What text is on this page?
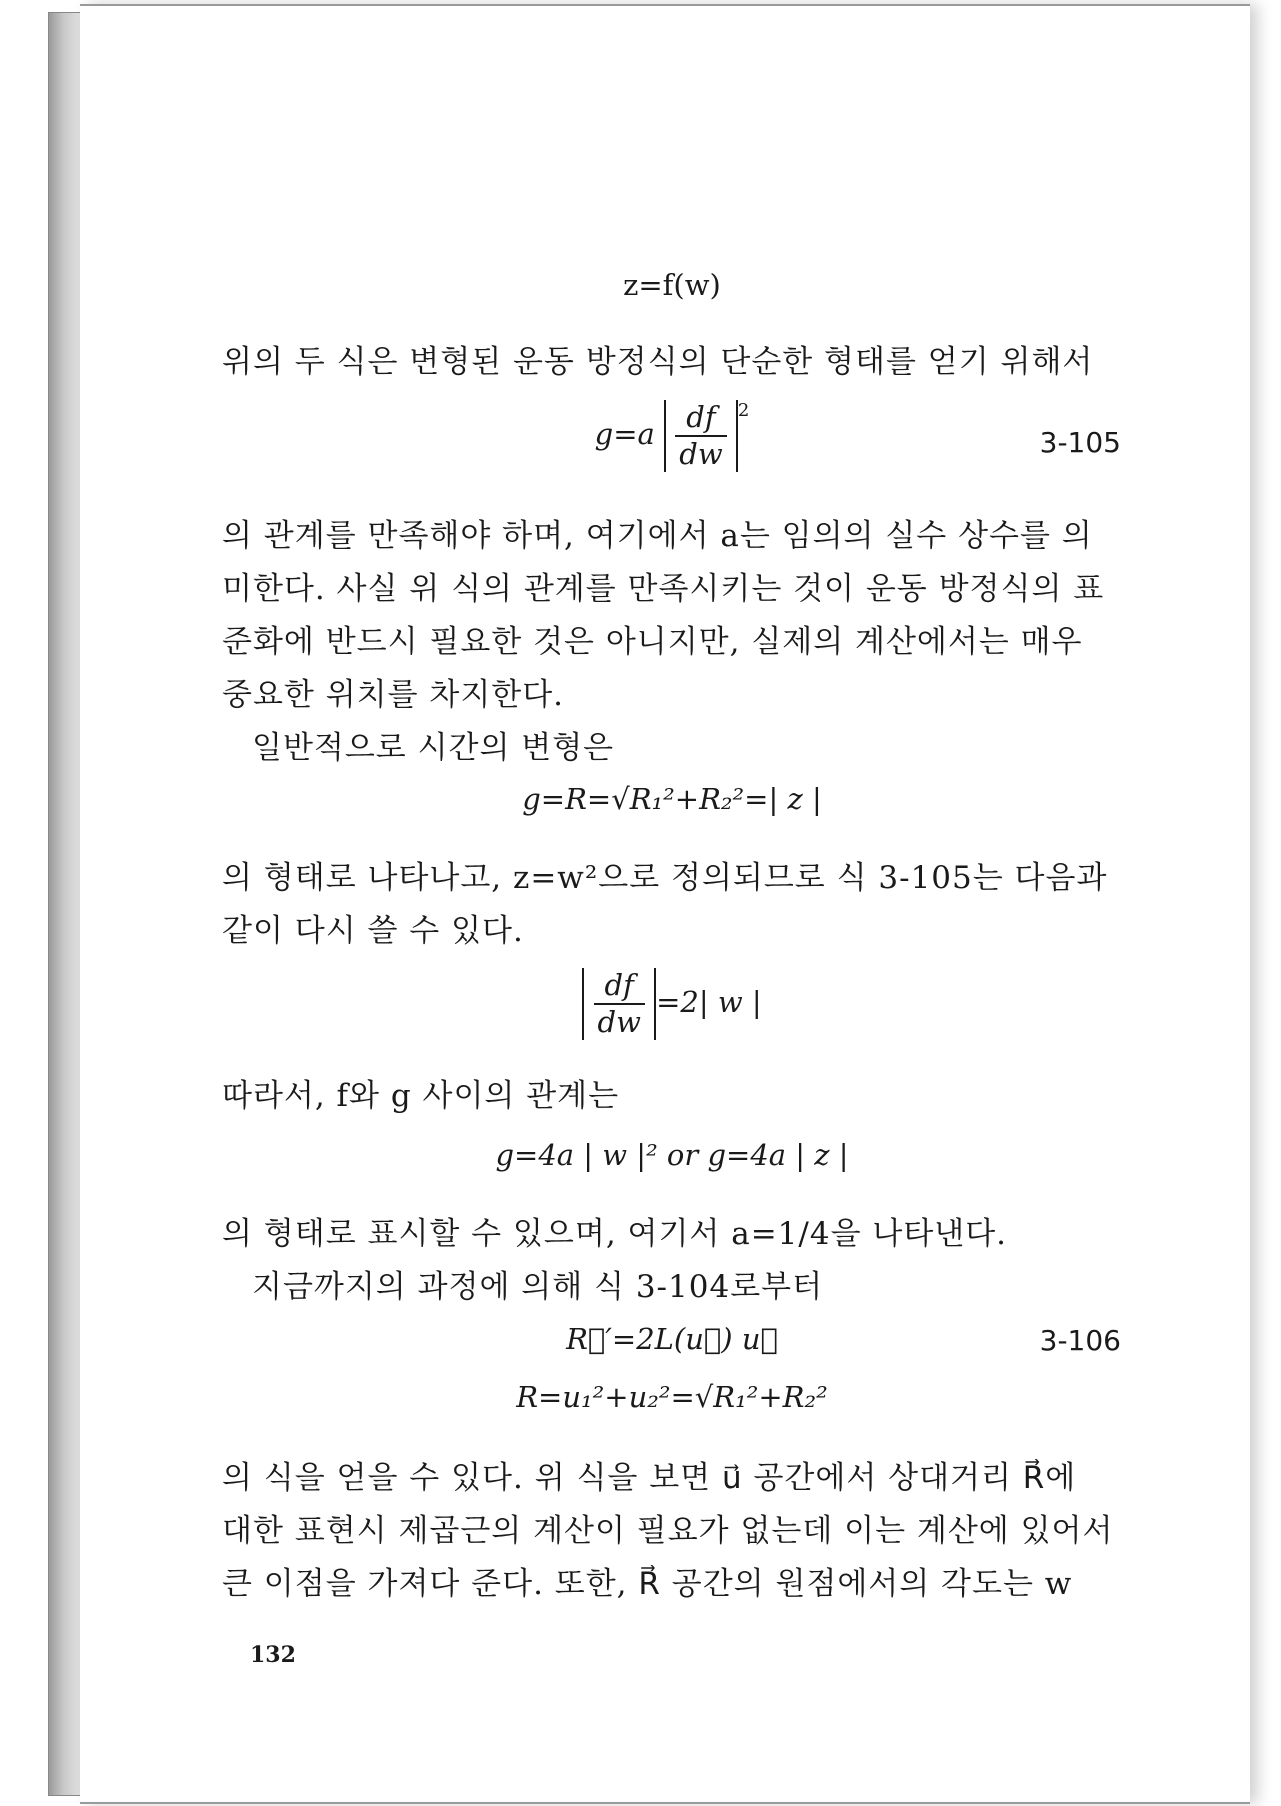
z=f(w)
위의 두 식은 변형된 운동 방정식의 단순한 형태를 얻기 위해서
$g=a \frac{df}{dw} ^2$
3-105
의 관계를 만족해야 하며, 여기에서 a는 임의의 실수 상수를 의
미한다. 사실 위 식의 관계를 만족시키는 것이 운동 방정식의 표
준화에 반드시 필요한 것은 아니지만, 실제의 계산에서는 매우
중요한 위치를 차지한다.
일반적으로 시간의 변형은
g=R=√R₁²+R₂²=| z |
의 형태로 나타나고, z=w²으로 정의되므로 식 3-105는 다음과
같이 다시 쓸 수 있다.

$\frac{df}{dw} =2|$ w |
따라서, f와 g 사이의 관계는
g=4a | w |² or g=4a | z |
의 형태로 표시할 수 있으며, 여기서 a=1/4을 나타낸다.
지금까지의 과정에 의해 식 3-104로부터
R⃗′=2L(u⃗) u⃗	3-106
R=u₁²+u₂²=√R₁²+R₂²
의 식을 얻을 수 있다. 위 식을 보면 u⃗ 공간에서 상대거리 R⃗에
대한 표현시 제곱근의 계산이 필요가 없는데 이는 계산에 있어서
큰 이점을 가져다 준다. 또한, R⃗ 공간의 원점에서의 각도는 w
132
